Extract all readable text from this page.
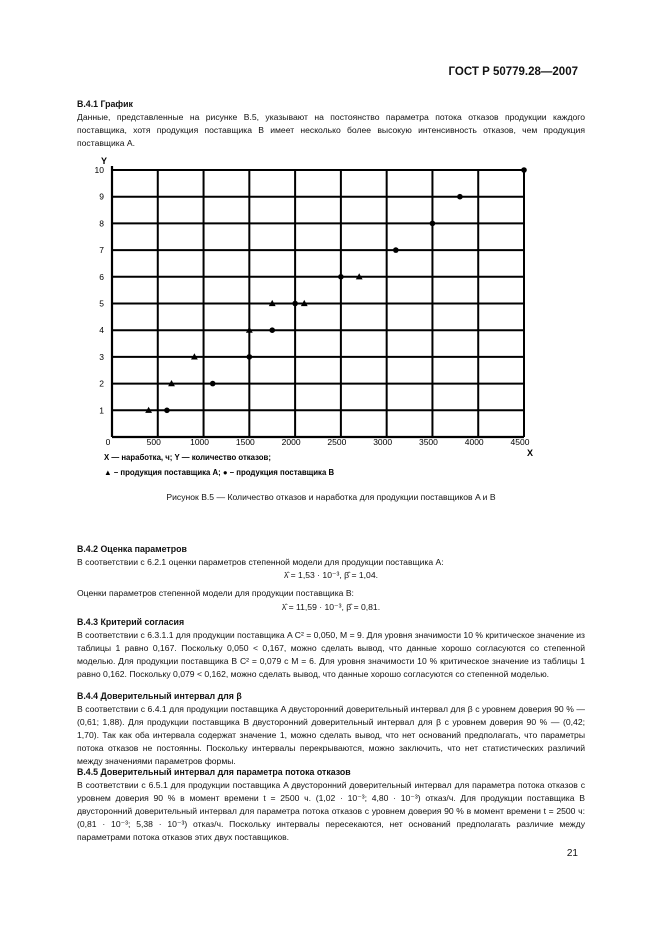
ГОСТ Р 50779.28—2007
B.4.1 График
Данные, представленные на рисунке B.5, указывают на постоянство параметра потока отказов продукции каждого поставщика, хотя продукция поставщика B имеет несколько более высокую интенсивность отказов, чем продукция поставщика A.
0	500	1000	1500	2000	2500	3000	3500	4000	4500
1
2
3
4
5
6
7
8
9
10
Y
X
X — наработка, ч; Y — количество отказов;
▲ – продукция поставщика А; ● – продукция поставщика В
Рисунок B.5 — Количество отказов и наработка для продукции поставщиков A и B
B.4.2 Оценка параметров
В соответствии с 6.2.1 оценки параметров степенной модели для продукции поставщика A:
λ̂ = 1,53 · 10⁻³, β̂ = 1,04.
Оценки параметров степенной модели для продукции поставщика B:
λ̂ = 11,59 · 10⁻³, β̂ = 0,81.
B.4.3 Критерий согласия
В соответствии с 6.3.1.1 для продукции поставщика A C² = 0,050, M = 9. Для уровня значимости 10 % критическое значение из таблицы 1 равно 0,167. Поскольку 0,050 < 0,167, можно сделать вывод, что данные хорошо согласуются со степенной моделью. Для продукции поставщика B C² = 0,079 с M = 6. Для уровня значимости 10 % критическое значение из таблицы 1 равно 0,162. Поскольку 0,079 < 0,162, можно сделать вывод, что данные хорошо согласуются со степенной моделью.
B.4.4 Доверительный интервал для β
В соответствии с 6.4.1 для продукции поставщика A двусторонний доверительный интервал для β с уровнем доверия 90 % — (0,61; 1,88). Для продукции поставщика B двусторонний доверительный интервал для β с уровнем доверия 90 % — (0,42; 1,70). Так как оба интервала содержат значение 1, можно сделать вывод, что нет оснований предполагать, что параметры потока отказов не постоянны. Поскольку интервалы перекрываются, можно заключить, что нет статистических различий между значениями параметров формы.
B.4.5 Доверительный интервал для параметра потока отказов
В соответствии с 6.5.1 для продукции поставщика A двусторонний доверительный интервал для параметра потока отказов с уровнем доверия 90 % в момент времени t = 2500 ч. (1,02 · 10⁻³; 4,80 · 10⁻³) отказ/ч. Для продукции поставщика B двусторонний доверительный интервал для параметра потока отказов с уровнем доверия 90 % в момент времени t = 2500 ч: (0,81 · 10⁻³; 5,38 · 10⁻³) отказ/ч. Поскольку интервалы пересекаются, нет оснований предполагать различие между параметрами потока отказов этих двух поставщиков.
21
